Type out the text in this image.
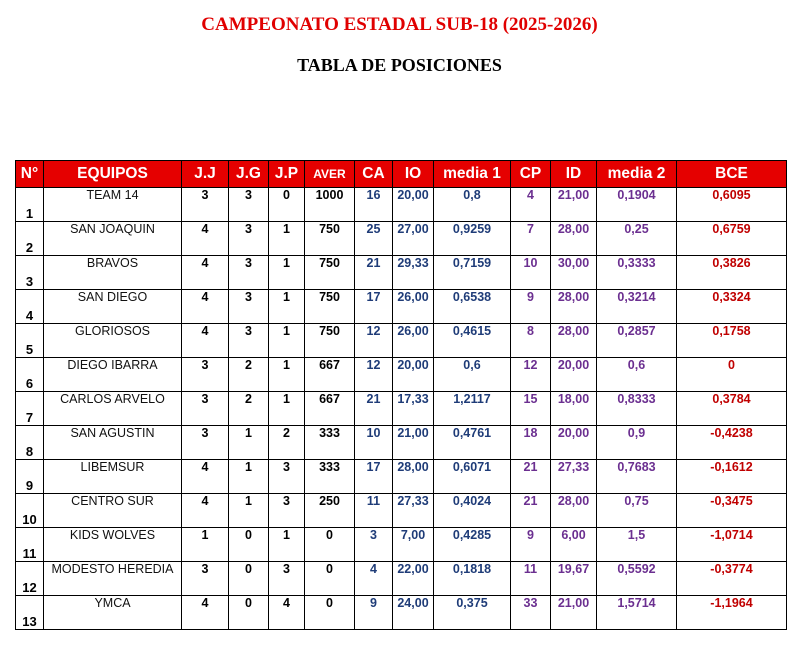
CAMPEONATO ESTADAL SUB-18 (2025-2026)
TABLA DE POSICIONES
N°	EQUIPOS	J.J	J.G	J.P	AVER	CA	IO	media 1	CP	ID	media 2	BCE
1	TEAM 14	3	3	0	1000	16	20,00	0,8	4	21,00	0,1904	0,6095
2	SAN JOAQUIN	4	3	1	750	25	27,00	0,9259	7	28,00	0,25	0,6759
3	BRAVOS	4	3	1	750	21	29,33	0,7159	10	30,00	0,3333	0,3826
4	SAN DIEGO	4	3	1	750	17	26,00	0,6538	9	28,00	0,3214	0,3324
5	GLORIOSOS	4	3	1	750	12	26,00	0,4615	8	28,00	0,2857	0,1758
6	DIEGO IBARRA	3	2	1	667	12	20,00	0,6	12	20,00	0,6	0
7	CARLOS ARVELO	3	2	1	667	21	17,33	1,2117	15	18,00	0,8333	0,3784
8	SAN AGUSTIN	3	1	2	333	10	21,00	0,4761	18	20,00	0,9	-0,4238
9	LIBEMSUR	4	1	3	333	17	28,00	0,6071	21	27,33	0,7683	-0,1612
10	CENTRO SUR	4	1	3	250	11	27,33	0,4024	21	28,00	0,75	-0,3475
11	KIDS WOLVES	1	0	1	0	3	7,00	0,4285	9	6,00	1,5	-1,0714
12	MODESTO HEREDIA	3	0	3	0	4	22,00	0,1818	11	19,67	0,5592	-0,3774
13	YMCA	4	0	4	0	9	24,00	0,375	33	21,00	1,5714	-1,1964
